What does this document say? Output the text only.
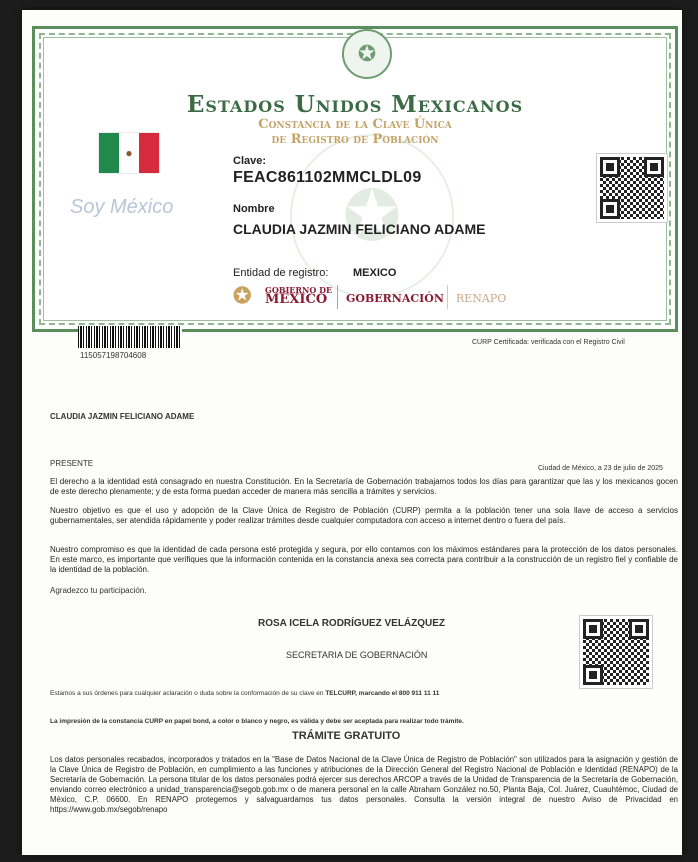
✪
✪
Estados Unidos Mexicanos
Constancia de la Clave Única
de Registro de Población
●
Soy México
Clave:
FEAC861102MMCLDL09
Nombre
CLAUDIA JAZMIN FELICIANO ADAME
Entidad de registro: MEXICO
✪ GOBIERNO DE
MÉXICO	GOBERNACIÓN RENAPO
115057198704608
CURP Certificada: verificada con el Registro Civil
CLAUDIA JAZMIN FELICIANO ADAME
PRESENTE
Ciudad de México, a 23 de julio de 2025
El derecho a la identidad está consagrado en nuestra Constitución. En la Secretaría de Gobernación trabajamos todos los días para garantizar que las y los mexicanos gocen de este derecho plenamente; y de esta forma puedan acceder de manera más sencilla a trámites y servicios.
Nuestro objetivo es que el uso y adopción de la Clave Única de Registro de Población (CURP) permita a la población tener una sola llave de acceso a servicios gubernamentales, ser atendida rápidamente y poder realizar trámites desde cualquier computadora con acceso a internet dentro o fuera del país.
Nuestro compromiso es que la identidad de cada persona esté protegida y segura, por ello contamos con los máximos estándares para la protección de los datos personales. En este marco, es importante que verifiques que la información contenida en la constancia anexa sea correcta para contribuir a la construcción de un registro fiel y confiable de la identidad de la población.
Agradezco tu participación.
ROSA ICELA RODRÍGUEZ VELÁZQUEZ
SECRETARIA DE GOBERNACIÓN
Estamos a sus órdenes para cualquier aclaración o duda sobre la conformación de su clave en TELCURP, marcando el 800 911 11 11
La impresión de la constancia CURP en papel bond, a color o blanco y negro, es válida y debe ser aceptada para realizar todo trámite.
TRÁMITE GRATUITO
Los datos personales recabados, incorporados y tratados en la "Base de Datos Nacional de la Clave Única de Registro de Población" son utilizados para la asignación y gestión de la Clave Única de Registro de Población, en cumplimiento a las funciones y atribuciones de la Dirección General del Registro Nacional de Población e Identidad (RENAPO) de la Secretaría de Gobernación. La persona titular de los datos personales podrá ejercer sus derechos ARCOP a través de la Unidad de Transparencia de la Secretaría de Gobernación, enviando correo electrónico a unidad_transparencia@segob.gob.mx o de manera personal en la calle Abraham González no.50, Planta Baja, Col. Juárez, Cuauhtémoc, Ciudad de México, C.P. 06600. En RENAPO protegemos y salvaguardamos tus datos personales. Consulta la versión integral de nuestro Aviso de Privacidad en https://www.gob.mx/segob/renapo
